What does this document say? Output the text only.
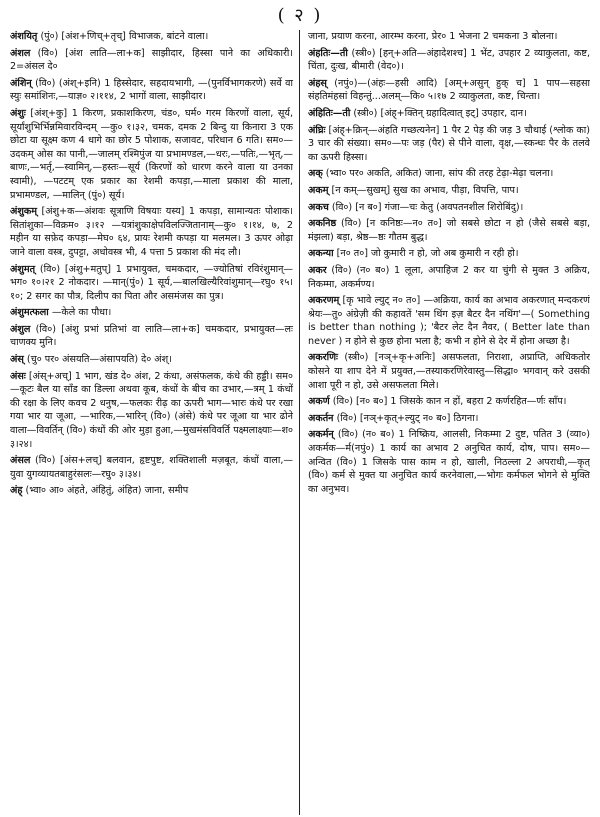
( २ )

अंशयितृ (पुं०) [अंश+णिच्+तृच्] विभाजक, बांटने वाला।

अंशल (वि०) [अंश लाति—ला+क] साझीदार, हिस्सा पाने का अधिकारी। 2=अंसल दे०

अंशिन् (वि०) (अंश्+इनि) 1 हिस्सेदार, सहदायभागी, —(पुनर्विभागकरणे) सर्वे वा स्युः समांशिनः,—याज्ञ० २।११४, 2 भागों वाला, साझीदार।

अंशुः [अंश्+कु] 1 किरण, प्रकाशकिरण, चंड०, घर्म० गरम किरणों वाला, सूर्य, सूर्यांशुभिर्भिन्नमिवारविन्दम् —कु० १।३२, चमक, दमक 2 बिन्दु या किनारा 3 एक छोटा या सूक्ष्म कण 4 धागे का छोर 5 पोशाक, सजावट, परिधान 6 गति। सम०—उदकम् ओस का पानी,—जालम् रश्मिपुंज या प्रभामण्डल,—धरः,—पतिः,—भृत्,—बाणः,—भर्तृ,—स्वामिन्,—हस्तः—सूर्य (किरणों को धारण करने वाला या उनका स्वामी), —पटटम् एक प्रकार का रेशमी कपड़ा,—माला प्रकाश की माला, प्रभामण्डल, —मालिन् (पुं०) सूर्य।

अंशुकम् [अंशु+क—अंशवः सूत्राणि विषयाः यस्य] 1 कपड़ा, सामान्यतः पोशाक। सितांशुका—विक्रम० ३।१२ —यत्रांशुकाक्षेपविलज्जितानाम्—कु० १।१४, ७, 2 महीन या सफ़ेद कपड़ा—मेघ० ६४, प्रायः रेशमी कपड़ा या मलमल। 3 ऊपर ओढ़ा जाने वाला वस्त्र, दुपट्टा, अधोवस्त्र भी, 4 पत्ता 5 प्रकाश की मंद लौ।

अंशुमत् (वि०) [अंशु+मतुप्] 1 प्रभायुक्त, चमकदार, —ज्योतिषां रविरंशुमान्—भग० १०।२१ 2 नोकदार। —मान्(पुं०) 1 सूर्य,—बालखिल्यैरिवांशुमान्—रघु० १५।१०; 2 सगर का पौत्र, दिलीप का पिता और असमंजस का पुत्र।

अंशुमत्फला —केले का पौधा।

अंशुल (वि०) [अंशु प्रभां प्रतिभां वा लाति—ला+क] चमकदार, प्रभायुक्त—लः चाणक्य मुनि।

अंस् (चु० पर० अंसयति—अंसापयति) दे० अंश्।

अंसः [अंस्+अच्] 1 भाग, खंड दे० अंश, 2 कंधा, असंफलक, कंधे की हड्डी। सम०—कूटः बैल या साँड का डिल्ला अथवा कूब, कंधों के बीच का उभार,—त्रम् 1 कंधों की रक्षा के लिए कवच 2 धनुष,—फलकः रीढ़ का ऊपरी भाग—भारः कंधे पर रखा गया भार या जूआ, —भारिक,—भारिन् (वि०) (अंसे) कंधे पर जूआ या भार ढोने वाला—विवर्तिन् (वि०) कंधों की ओर मुड़ा हुआ,—मुखमंसविवर्ति पक्ष्मलाक्ष्याः—श० ३।२४।

अंसल (वि०) [अंस+लच्] बलवान, हृष्टपुष्ट, शक्तिशाली मज़बूत, कंधों वाला,—युवा युगव्यायतबाहुरंसलः—रघु० ३।३४।

अंह् (भ्वा० आ० अंहते, अंहितुं, अंहित) जाना, समीप

जाना, प्रयाण करना, आरम्भ करना, प्रेर० 1 भेजना 2 चमकना 3 बोलना।

अंहतिः—ती (स्त्री०) [हन्+अति—अंहादेशश्च] 1 भेंट, उपहार 2 व्याकुलता, कष्ट, चिंता, दुःख, बीमारी (वेद०)।

अंहस् (नपुं०)—(अंहः—हसी आदि) [अम्+असुन् हुक् च] 1 पाप—सहसा संहतिमंहसां विहन्तुं...अलम्—कि० ५।१७ 2 व्याकुलता, कष्ट, चिन्ता।

अंहितिः—ती (स्त्री०) [अंह्+क्तिन् ग्रहादित्वात् इट्] उपहार, दान।

अंघ्रिः [अंह्+क्रिन्—अंहति गच्छत्यनेन] 1 पैर 2 पेड़ की जड़ 3 चौथाई (श्लोक का) 3 चार की संख्या। सम०—पः जड़ (पैर) से पीने वाला, वृक्ष,—स्कन्धः पैर के तलवे का ऊपरी हिस्सा।

अक् (भ्वा० पर० अकति, अकित) जाना, सांप की तरह टेढ़ा-मेढ़ा चलना।

अकम् [न कम्—सुखम्] सुख का अभाव, पीड़ा, विपत्ति, पाप।

अकच (वि०) [न ब०] गंजा—चः केतु (अवपतनशील शिरोबिंदु)।

अकनिष्ठ (वि०) [न कनिष्ठः—न० त०] जो सबसे छोटा न हो (जैसे सबसे बड़ा, मंझला) बड़ा, श्रेष्ठ—ष्ठः गौतम बुद्ध।

अकन्या [न० त०] जो कुमारी न हो, जो अब कुमारी न रही हो।

अकर (वि०) (न० ब०) 1 लूला, अपाहिज 2 कर या चुंगी से मुक्त 3 अक्रिय, निकम्मा, अकर्मण्य।

अकरणम् [कृ भावे ल्युट् न० त०] —अक्रिया, कार्य का अभाव अकरणात् मन्दकरणं श्रेयः—तु० अंग्रेज़ी की कहावतें 'सम थिंग इज़ बैटर दैन नथिंग'—( Something is better than nothing ); 'बैटर लेट दैन नैवर, ( Better late than never ) न होने से कुछ होना भला है; कभी न होने से देर में होना अच्छा है।

अकरणिः (स्त्री०) [नञ्+कृ+अनिः] असफलता, निराशा, अप्राप्ति, अधिकतोर कोसने या शाप देने में प्रयुक्त,—तस्याकरणिरेवास्तु—सिद्धा० भगवान् करे उसकी आशा पूरी न हो, उसे असफलता मिले।

अकर्ण (वि०) [न० ब०] 1 जिसके कान न हों, बहरा 2 कर्णरहित—र्णः साँप।

अकर्तन (वि०) [नञ्+कृत्+ल्युट् न० ब०] ठिगना।

अकर्मन् (वि०) (न० ब०) 1 निष्क्रिय, आलसी, निकम्मा 2 दुष्ट, पतित 3 (व्या०) अकर्मक—र्म(नपुं०) 1 कार्य का अभाव 2 अनुचित कार्य, दोष, पाप। सम०—अन्वित (वि०) 1 जिसके पास काम न हो, खाली, निठल्ला 2 अपराधी,—कृत् (वि०) कर्म से मुक्त या अनुचित कार्य करनेवाला,—भोगः कर्मफल भोगने से मुक्ति का अनुभव।
